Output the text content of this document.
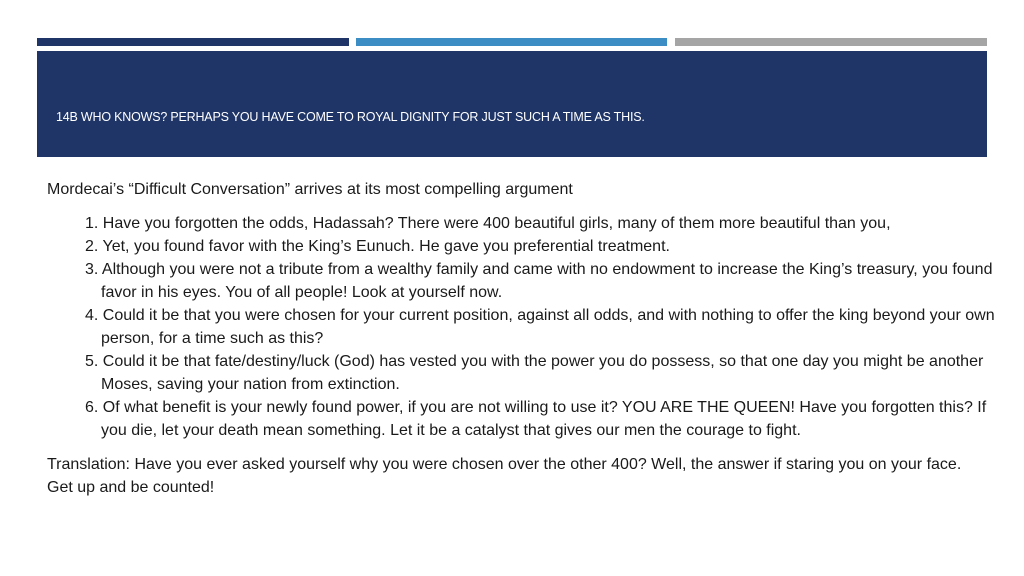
14B WHO KNOWS? PERHAPS YOU HAVE COME TO ROYAL DIGNITY FOR JUST SUCH A TIME AS THIS.

Mordecai’s “Difficult Conversation” arrives at its most compelling argument

1. Have you forgotten the odds, Hadassah? There were 400 beautiful girls, many of them more beautiful than you,
2. Yet, you found favor with the King’s Eunuch. He gave you preferential treatment.
3. Although you were not a tribute from a wealthy family and came with no endowment to increase the King’s treasury, you found favor in his eyes. You of all people! Look at yourself now.
4. Could it be that you were chosen for your current position, against all odds, and with nothing to offer the king beyond your own person, for a time such as this?
5. Could it be that fate/destiny/luck (God) has vested you with the power you do possess, so that one day you might be another Moses, saving your nation from extinction.
6. Of what benefit is your newly found power, if you are not willing to use it? YOU ARE THE QUEEN! Have you forgotten this? If you die, let your death mean something. Let it be a catalyst that gives our men the courage to fight.

Translation: Have you ever asked yourself why you were chosen over the other 400? Well, the answer if staring you on your face. Get up and be counted!
